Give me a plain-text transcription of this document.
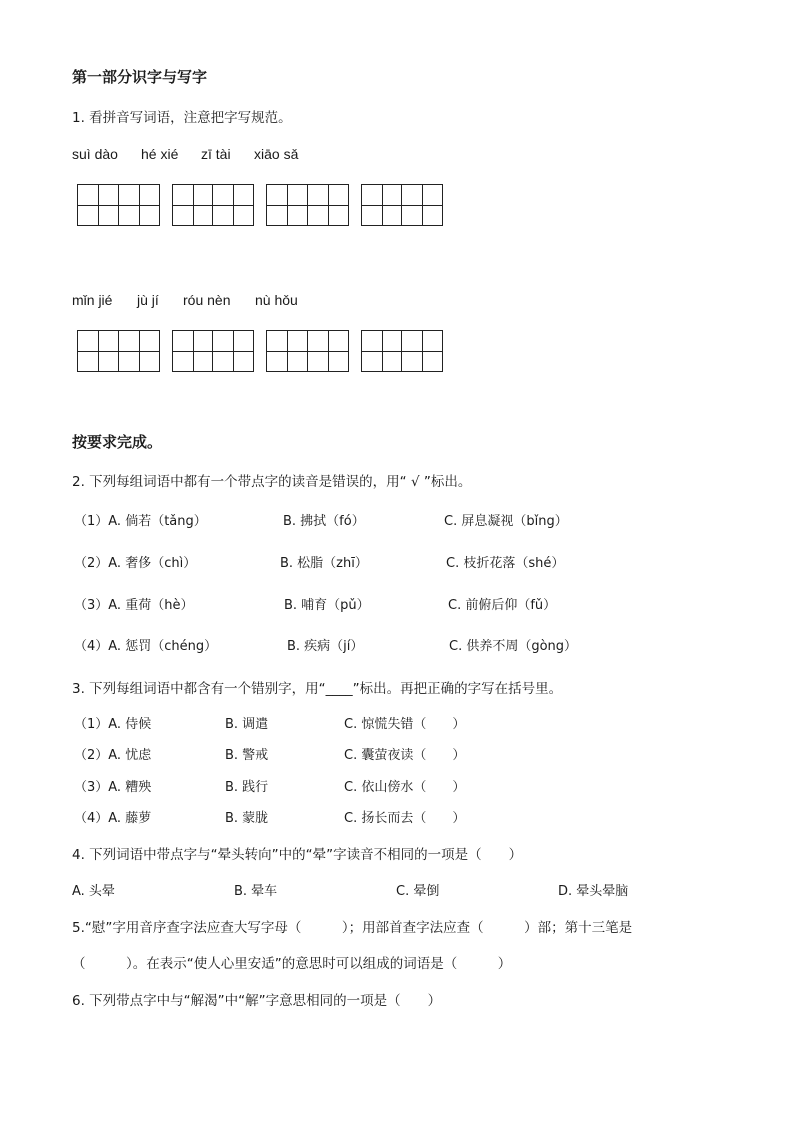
第一部分识字与写字
1. 看拼音写词语，注意把字写规范。
suì dào hé xié zī tài xiāo sǎ
mǐn jié jù jí róu nèn nù hǒu
按要求完成。
2. 下列每组词语中都有一个带点字的读音是错误的，用“ √ ”标出。
（1）A. 倘若（tǎng）	B. 拂拭（fó）	C. 屏息凝视（bǐng）
（2）A. 奢侈（chì）	B. 松脂（zhī）	C. 枝折花落（shé）
（3）A. 重荷（hè）	B. 哺育（pǔ）	C. 前俯后仰（fǔ）
（4）A. 惩罚（chéng）	B. 疾病（jí）	C. 供养不周（gòng）
3. 下列每组词语中都含有一个错别字，用“____”标出。再把正确的字写在括号里。
（1）A. 侍候	B. 调遣	C. 惊慌失错（　　）
（2）A. 忧虑	B. 警戒	C. 囊萤夜读（　　）
（3）A. 糟殃	B. 践行	C. 依山傍水（　　）
（4）A. 藤萝	B. 蒙胧	C. 扬长而去（　　）
4. 下列词语中带点字与“晕头转向”中的“晕”字读音不相同的一项是（　　）
A. 头晕	B. 晕车	C. 晕倒	D. 晕头晕脑
5.“慰”字用音序查字法应查大写字母（　　　）；用部首查字法应查（　　　）部；第十三笔是
（　　　）。在表示“使人心里安适”的意思时可以组成的词语是（　　　）
6. 下列带点字中与“解渴”中“解”字意思相同的一项是（　　）
